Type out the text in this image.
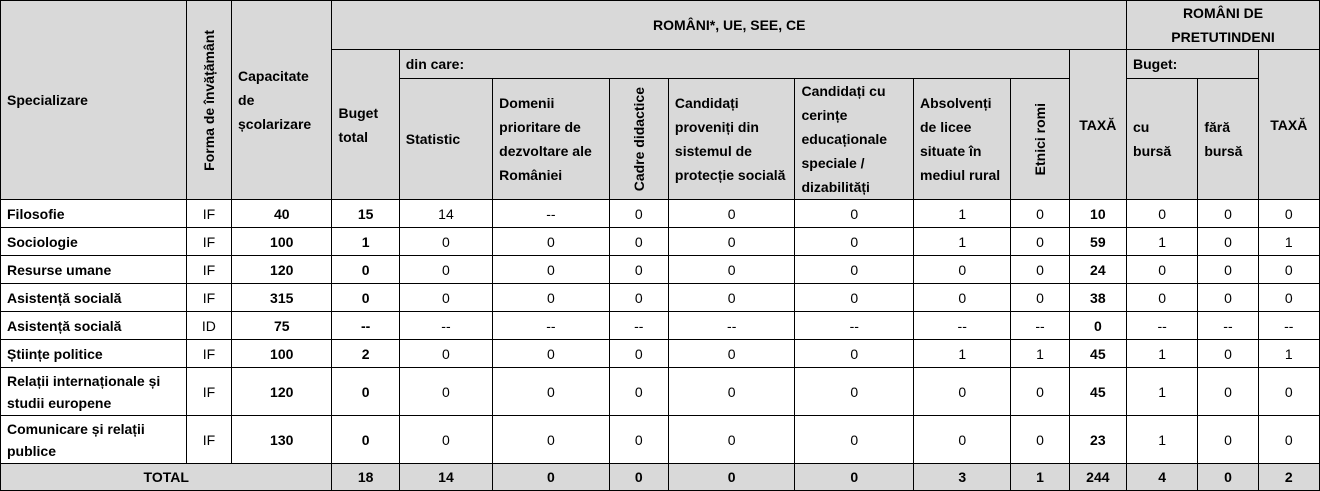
Specializare	Forma de învățământ	Capacitate de școlarizare	ROMÂNI*, UE, SEE, CE									ROMÂNI DE PRETUTINDENI		
			Buget total	din care:							TAXĂ	Buget:		TAXĂ
				Statistic	Domenii prioritare de dezvoltare ale României	Cadre didactice	Candidați proveniți din sistemul de protecție socială	Candidați cu cerințe educaționale speciale / dizabilități	Absolvenți de licee situate în mediul rural	Etnici romi		cu bursă	fără bursă	
Filosofie	IF	40	15	14	--	0	0	0	1	0	10	0	0	0
Sociologie	IF	100	1	0	0	0	0	0	1	0	59	1	0	1
Resurse umane	IF	120	0	0	0	0	0	0	0	0	24	0	0	0
Asistență socială	IF	315	0	0	0	0	0	0	0	0	38	0	0	0
Asistență socială	ID	75	--	--	--	--	--	--	--	--	0	--	--	--
Științe politice	IF	100	2	0	0	0	0	0	1	1	45	1	0	1
Relații internaționale și studii europene	IF	120	0	0	0	0	0	0	0	0	45	1	0	0
Comunicare și relații publice	IF	130	0	0	0	0	0	0	0	0	23	1	0	0
TOTAL			18	14	0	0	0	0	3	1	244	4	0	2
